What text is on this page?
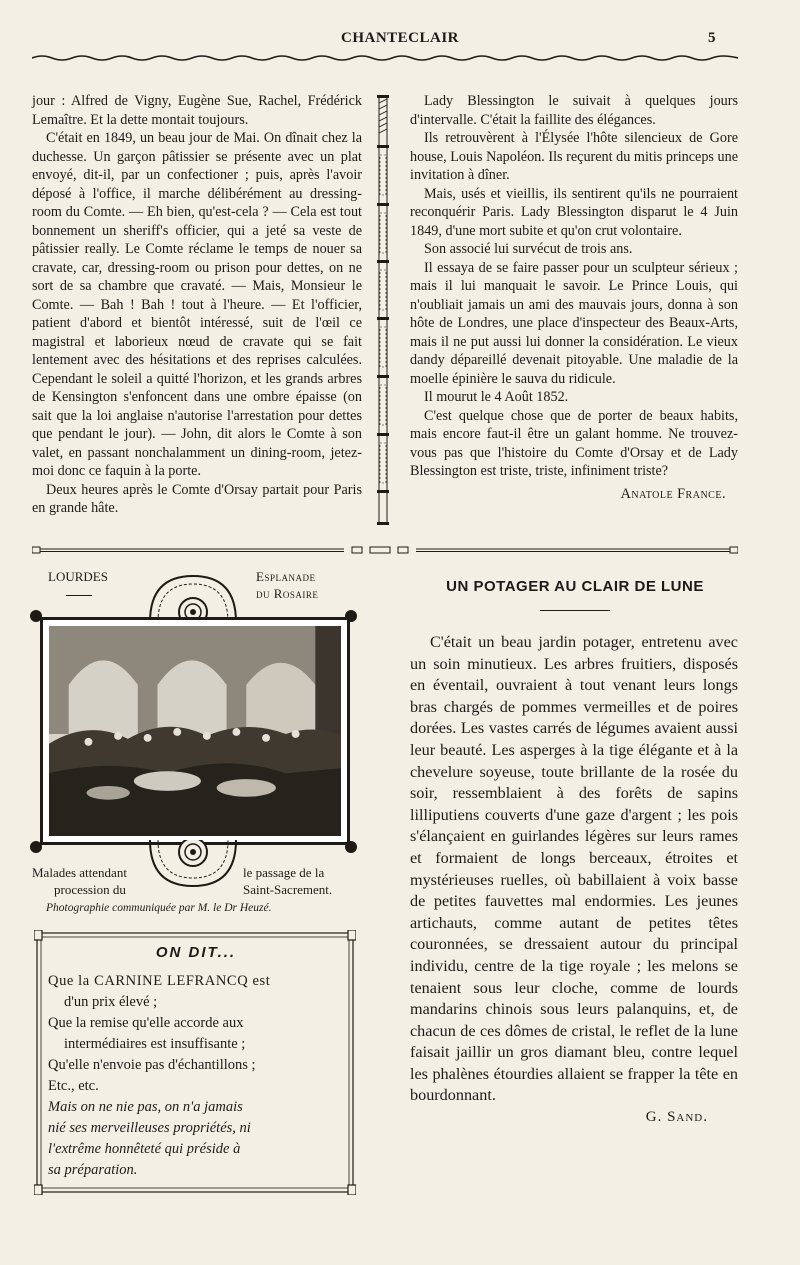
CHANTECLAIR	5

jour : Alfred de Vigny, Eugène Sue, Rachel, Frédérick Lemaître. Et la dette montait toujours.

C'était en 1849, un beau jour de Mai. On dînait chez la duchesse. Un garçon pâtissier se présente avec un plat envoyé, dit-il, par un confectioner ; puis, après l'avoir déposé à l'office, il marche délibérément au dressing-room du Comte. — Eh bien, qu'est-cela ? — Cela est tout bonnement un sheriff's officier, qui a jeté sa veste de pâtissier really. Le Comte réclame le temps de nouer sa cravate, car, dressing-room ou prison pour dettes, on ne sort de sa chambre que cravaté. — Mais, Monsieur le Comte. — Bah ! Bah ! tout à l'heure. — Et l'officier, patient d'abord et bientôt intéressé, suit de l'œil ce magistral et laborieux nœud de cravate qui se fait lentement avec des hésitations et des reprises calculées. Cependant le soleil a quitté l'horizon, et les grands arbres de Kensington s'enfoncent dans une ombre épaisse (on sait que la loi anglaise n'autorise l'arrestation pour dettes que pendant le jour). — John, dit alors le Comte à son valet, en passant nonchalamment un dining-room, jetez-moi donc ce faquin à la porte.

Deux heures après le Comte d'Orsay partait pour Paris en grande hâte.

Lady Blessington le suivait à quelques jours d'intervalle. C'était la faillite des élégances.

Ils retrouvèrent à l'Élysée l'hôte silencieux de Gore house, Louis Napoléon. Ils reçurent du mitis princeps une invitation à dîner.

Mais, usés et vieillis, ils sentirent qu'ils ne pourraient reconquérir Paris. Lady Blessington disparut le 4 Juin 1849, d'une mort subite et qu'on crut volontaire.

Son associé lui survécut de trois ans.

Il essaya de se faire passer pour un sculpteur sérieux ; mais il lui manquait le savoir. Le Prince Louis, qui n'oubliait jamais un ami des mauvais jours, donna à son hôte de Londres, une place d'inspecteur des Beaux-Arts, mais il ne put aussi lui donner la considération. Le vieux dandy dépareillé devenait pitoyable. Une maladie de la moelle épinière le sauva du ridicule.

Il mourut le 4 Août 1852.

C'est quelque chose que de porter de beaux habits, mais encore faut-il être un galant homme. Ne trouvez-vous pas que l'histoire du Comte d'Orsay et de Lady Blessington est triste, triste, infiniment triste?

Anatole France.

LOURDES	Esplanade
du Rosaire
Malades attendant
procession du
le passage de la
Saint-Sacrement.
Photographie communiquée par M. le Dr Heuzé.
ON DIT...

Que la CARNINE LEFRANCQ est

d'un prix élevé ;

Que la remise qu'elle accorde aux

intermédiaires est insuffisante ;

Qu'elle n'envoie pas d'échantillons ;

Etc., etc.

Mais on ne nie pas, on n'a jamais

nié ses merveilleuses propriétés, ni

l'extrême honnêteté qui préside à

sa préparation.

UN POTAGER AU CLAIR DE LUNE

C'était un beau jardin potager, entretenu avec un soin minutieux. Les arbres fruitiers, disposés en éventail, ouvraient à tout venant leurs longs bras chargés de pommes vermeilles et de poires dorées. Les vastes carrés de légumes avaient aussi leur beauté. Les asperges à la tige élégante et à la chevelure soyeuse, toute brillante de la rosée du soir, ressemblaient à des forêts de sapins lilliputiens couverts d'une gaze d'argent ; les pois s'élançaient en guirlandes légères sur leurs rames et formaient de longs berceaux, étroites et mystérieuses ruelles, où babillaient à voix basse de petites fauvettes mal endormies. Les jeunes artichauts, comme autant de petites têtes couronnées, se dressaient autour du principal individu, centre de la tige royale ; les melons se tenaient sous leur cloche, comme de lourds mandarins chinois sous leurs palanquins, et, de chacun de ces dômes de cristal, le reflet de la lune faisait jaillir un gros diamant bleu, contre lequel les phalènes étourdies allaient se frapper la tête en bourdonnant.

G. Sand.
